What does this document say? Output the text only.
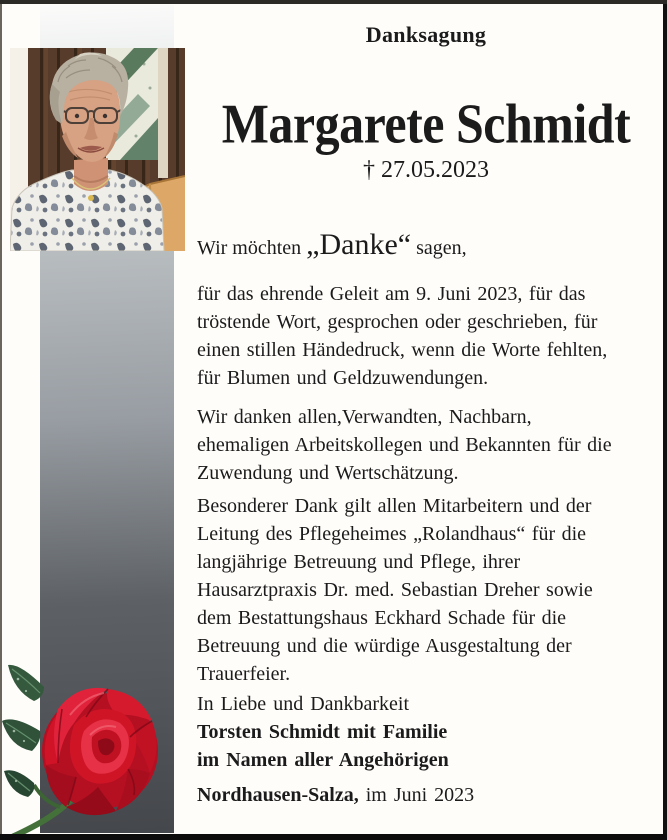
Danksagung
Margarete Schmidt
† 27.05.2023
Wir möchten „Danke“ sagen,
für das ehrende Geleit am 9. Juni 2023, für das
tröstende Wort, gesprochen oder geschrieben, für
einen stillen Händedruck, wenn die Worte fehlten,
für Blumen und Geldzuwendungen.
Wir danken allen,Verwandten, Nachbarn,
ehemaligen Arbeitskollegen und Bekannten für die
Zuwendung und Wertschätzung.
Besonderer Dank gilt allen Mitarbeitern und der
Leitung des Pflegeheimes „Rolandhaus“ für die
langjährige Betreuung und Pflege, ihrer
Hausarztpraxis Dr. med. Sebastian Dreher sowie
dem Bestattungshaus Eckhard Schade für die
Betreuung und die würdige Ausgestaltung der
Trauerfeier.
In Liebe und Dankbarkeit
Torsten Schmidt mit Familie
im Namen aller Angehörigen
Nordhausen-Salza, im Juni 2023
